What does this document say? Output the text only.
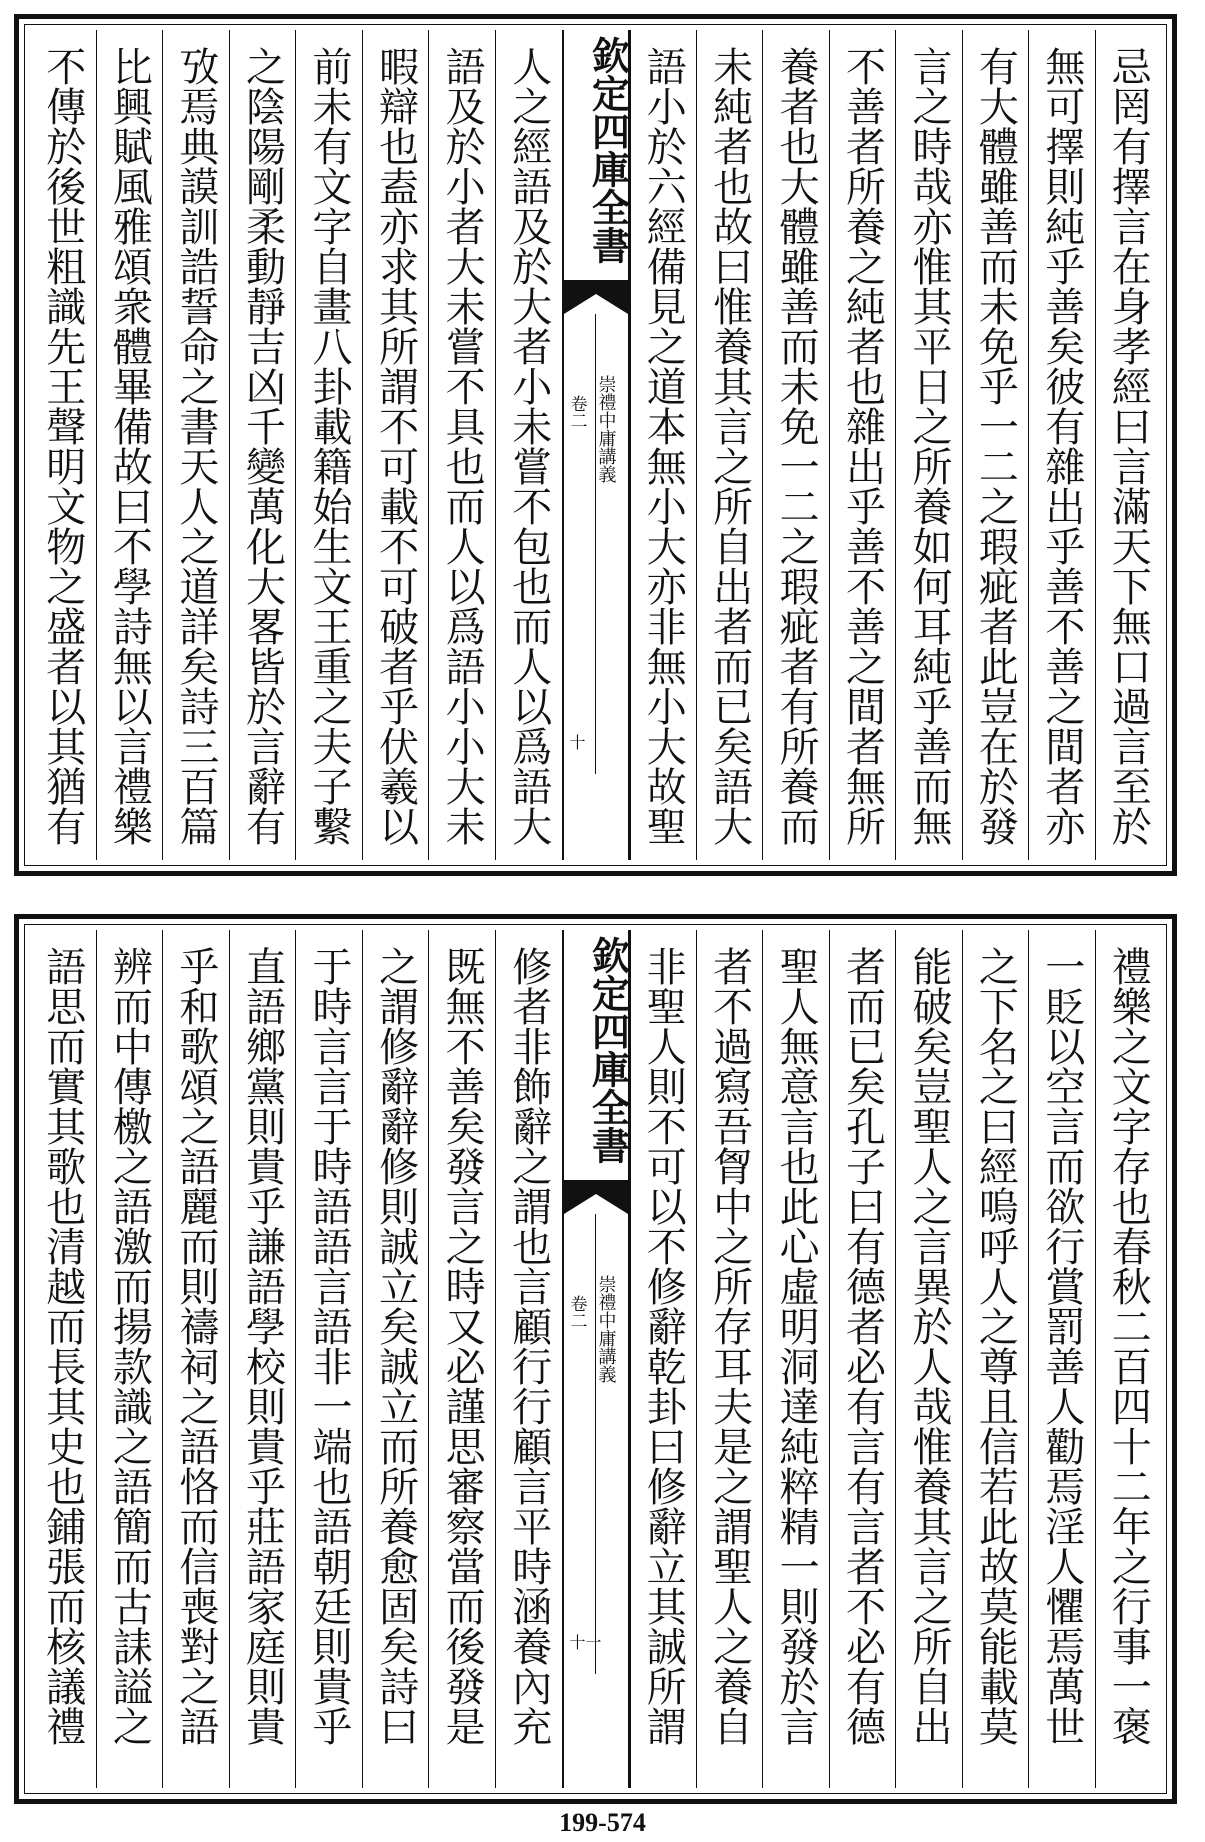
忌罔有擇言在身孝經曰言滿天下無口過言至於
無可擇則純乎善矣彼有雜出乎善不善之間者亦
有大體雖善而未免乎一二之瑕疵者此豈在於發
言之時哉亦惟其平日之所養如何耳純乎善而無
不善者所養之純者也雜出乎善不善之間者無所
養者也大體雖善而未免一二之瑕疵者有所養而
未純者也故曰惟養其言之所自出者而已矣語大
語小於六經備見之道本無小大亦非無小大故聖
欽定四庫全書
崇禮中庸講義
卷二
十
人之經語及於大者小未嘗不包也而人以爲語大
語及於小者大未嘗不具也而人以爲語小小大未
暇辯也盍亦求其所謂不可載不可破者乎伏羲以
前未有文字自畫八卦載籍始生文王重之夫子繫
之陰陽剛柔動靜吉凶千變萬化大畧皆於言辭有
攷焉典謨訓誥誓命之書天人之道詳矣詩三百篇
比興賦風雅頌衆體畢備故曰不學詩無以言禮樂
不傳於後世粗識先王聲明文物之盛者以其猶有
禮樂之文字存也春秋二百四十二年之行事一褒
一貶以空言而欲行賞罰善人勸焉淫人懼焉萬世
之下名之曰經嗚呼人之尊且信若此故莫能載莫
能破矣豈聖人之言異於人哉惟養其言之所自出
者而已矣孔子曰有德者必有言有言者不必有德
聖人無意言也此心虛明洞達純粹精一則發於言
者不過寫吾胷中之所存耳夫是之謂聖人之養自
非聖人則不可以不修辭乾卦曰修辭立其誠所謂
欽定四庫全書
崇禮中庸講義
卷二
十一
修者非飾辭之謂也言顧行行顧言平時涵養內充
既無不善矣發言之時又必謹思審察當而後發是
之謂修辭辭修則誠立矣誠立而所養愈固矣詩曰
于時言言于時語語言語非一端也語朝廷則貴乎
直語鄉黨則貴乎謙語學校則貴乎莊語家庭則貴
乎和歌頌之語麗而則禱祠之語恪而信喪對之語
辨而中傳檄之語激而揚款識之語簡而古誄謚之
語思而實其歌也清越而長其史也鋪張而核議禮
199-574
